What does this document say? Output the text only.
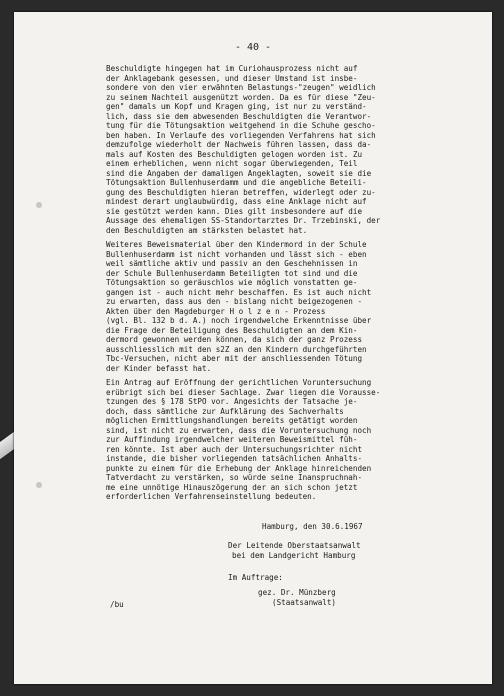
- 40 -
Beschuldigte hingegen hat im Curiohausprozess nicht auf
der Anklagebank gesessen, und dieser Umstand ist insbe-
sondere von den vier erwähnten Belastungs-"zeugen" weidlich
zu seinem Nachteil ausgenützt worden. Da es für diese "Zeu-
gen" damals um Kopf und Kragen ging, ist nur zu verständ-
lich, dass sie dem abwesenden Beschuldigten die Verantwor-
tung für die Tötungsaktion weitgehend in die Schuhe gescho-
ben haben. In Verlaufe des vorliegenden Verfahrens hat sich
demzufolge wiederholt der Nachweis führen lassen, dass da-
mals auf Kosten des Beschuldigten gelogen worden ist. Zu
einem erheblichen, wenn nicht sogar überwiegenden, Teil
sind die Angaben der damaligen Angeklagten, soweit sie die
Tötungsaktion Bullenhuserdamm und die angebliche Beteili-
gung des Beschuldigten hieran betreffen, widerlegt oder zu-
mindest derart unglaubwürdig, dass eine Anklage nicht auf
sie gestützt werden kann. Dies gilt insbesondere auf die
Aussage des ehemaligen SS-Standortarztes Dr. Trzebinski, der
den Beschuldigten am stärksten belastet hat.
Weiteres Beweismaterial über den Kindermord in der Schule
Bullenhuserdamm ist nicht vorhanden und lässt sich - eben
weil sämtliche aktiv und passiv an den Geschehnissen in
der Schule Bullenhuserdamm Beteiligten tot sind und die
Tötungsaktion so geräuschlos wie möglich vonstatten ge-
gangen ist - auch nicht mehr beschaffen. Es ist auch nicht
zu erwarten, dass aus den - bislang nicht beigezogenen -
Akten über den Magdeburger H o l z e n - Prozess
(vgl. Bl. 132 b d. A.) noch irgendwelche Erkenntnisse über
die Frage der Beteiligung des Beschuldigten an dem Kin-
dermord gewonnen werden können, da sich der ganz Prozess
ausschliesslich mit den s2Z an den Kindern durchgeführten
Tbc-Versuchen, nicht aber mit der anschliessenden Tötung
der Kinder befasst hat.
Ein Antrag auf Eröffnung der gerichtlichen Voruntersuchung
erübrigt sich bei dieser Sachlage. Zwar liegen die Vorausse-
tzungen des § 178 StPO vor. Angesichts der Tatsache je-
doch, dass sämtliche zur Aufklärung des Sachverhalts
möglichen Ermittlungshandlungen bereits getätigt worden
sind, ist nicht zu erwarten, dass die Voruntersuchung noch
zur Auffindung irgendwelcher weiteren Beweismittel füh-
ren könnte. Ist aber auch der Untersuchungsrichter nicht
instande, die bisher vorliegenden tatsächlichen Anhalts-
punkte zu einem für die Erhebung der Anklage hinreichenden
Tatverdacht zu verstärken, so würde seine Inanspruchnah-
me eine unnötige Hinauszögerung der an sich schon jetzt
erforderlichen Verfahrenseinstellung bedeuten.
Hamburg, den 30.6.1967
Der Leitende Oberstaatsanwalt
bei dem Landgericht Hamburg
Im Auftrage:
gez. Dr. Münzberg
(Staatsanwalt)
/bu
